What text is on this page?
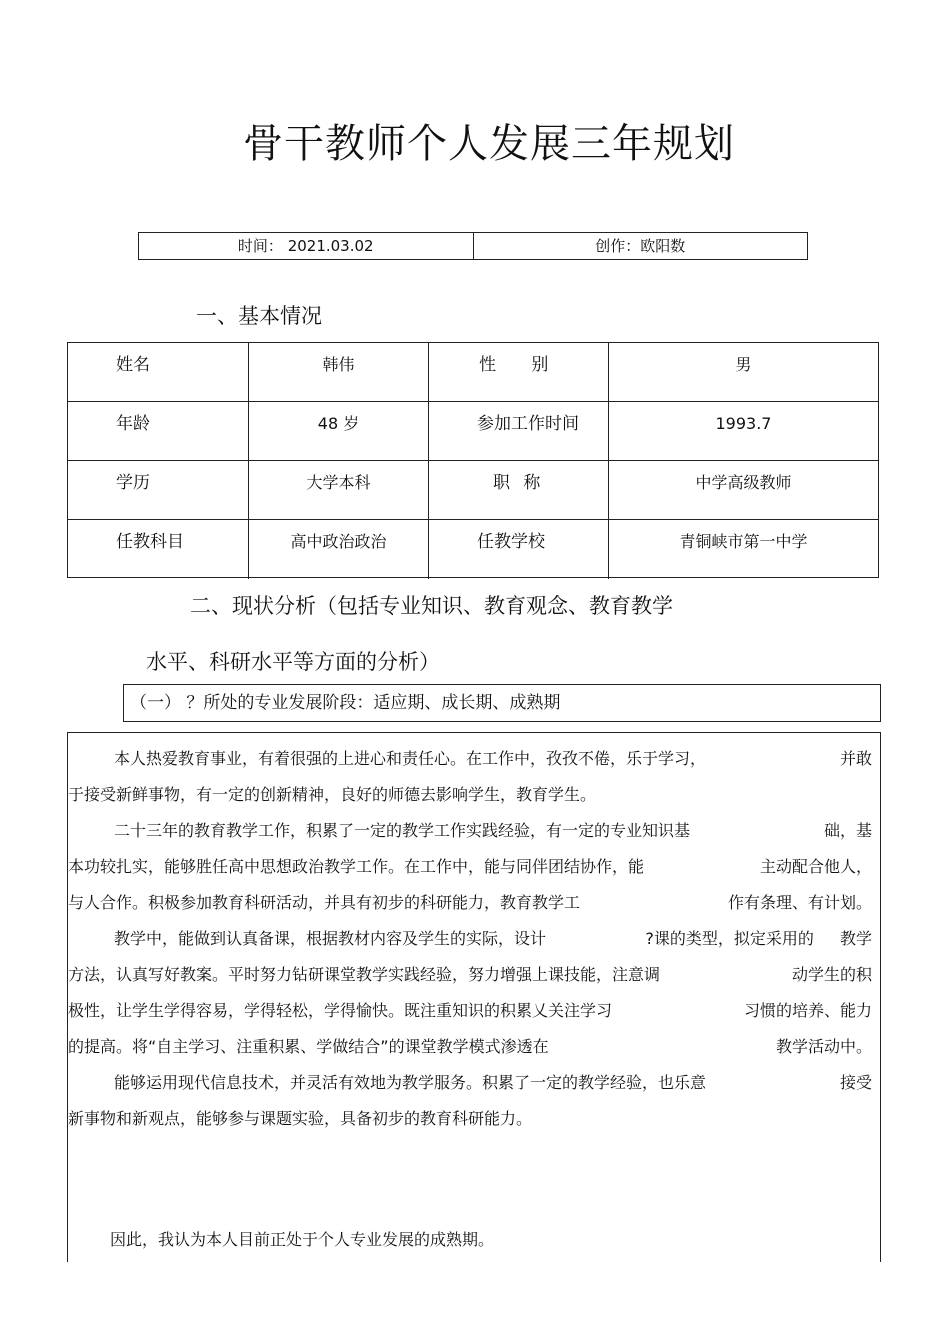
骨干教师个人发展三年规划
时间： 2021.03.02	创作：欧阳数
一、基本情况
姓名	韩伟	性 别	男
年龄	48 岁	参加工作时间	1993.7
学历	大学本科	职 称	中学高级教师
任教科目	高中政治政治	任教学校	青铜峡市第一中学
二、现状分析（包括专业知识、教育观念、教育教学
水平、科研水平等方面的分析）
（一） ？所处的专业发展阶段：适应期、成长期、成熟期
本人热爱教育事业，有着很强的上进心和责任心。在工作中，孜孜不倦，乐于学习，	并敢
于接受新鲜事物，有一定的创新精神，良好的师德去影响学生，教育学生。
二十三年的教育教学工作，积累了一定的教学工作实践经验，有一定的专业知识基	础，基
本功较扎实，能够胜任高中思想政治教学工作。在工作中，能与同伴团结协作，能	主动配合他人，
与人合作。积极参加教育科研活动，并具有初步的科研能力，教育教学工	作有条理、有计划。
教学中，能做到认真备课，根据教材内容及学生的实际，设计	?课的类型，拟定采用的 　 教学
方法，认真写好教案。平时努力钻研课堂教学实践经验，努力增强上课技能，注意调	动学生的积
极性，让学生学得容易，学得轻松，学得愉快。既注重知识的积累乂关注学习	习惯的培养、能力
的提高。将“自主学习、注重积累、学做结合”的课堂教学模式渗透在	教学活动中。
能够运用现代信息技术，并灵活有效地为教学服务。积累了一定的教学经验，也乐意	接受
新事物和新观点，能够参与课题实验，具备初步的教育科研能力。
因此，我认为本人目前正处于个人专业发展的成熟期。
